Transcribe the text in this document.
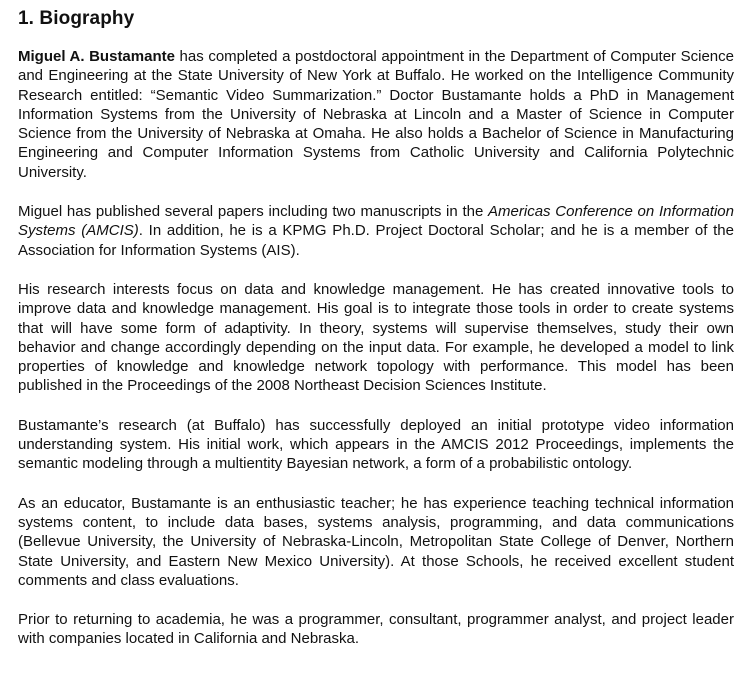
1. Biography

Miguel A. Bustamante has completed a postdoctoral appointment in the Department of Computer Science and Engineering at the State University of New York at Buffalo. He worked on the Intelligence Community Research entitled: “Semantic Video Summarization.” Doctor Bustamante holds a PhD in Management Information Systems from the University of Nebraska at Lincoln and a Master of Science in Computer Science from the University of Nebraska at Omaha. He also holds a Bachelor of Science in Manufacturing Engineering and Computer Information Systems from Catholic University and California Polytechnic University.

Miguel has published several papers including two manuscripts in the Americas Conference on Information Systems (AMCIS). In addition, he is a KPMG Ph.D. Project Doctoral Scholar; and he is a member of the Association for Information Systems (AIS).

His research interests focus on data and knowledge management. He has created innovative tools to improve data and knowledge management. His goal is to integrate those tools in order to create systems that will have some form of adaptivity. In theory, systems will supervise themselves, study their own behavior and change accordingly depending on the input data. For example, he developed a model to link properties of knowledge and knowledge network topology with performance. This model has been published in the Proceedings of the 2008 Northeast Decision Sciences Institute.

Bustamante’s research (at Buffalo) has successfully deployed an initial prototype video information understanding system. His initial work, which appears in the AMCIS 2012 Proceedings, implements the semantic modeling through a multientity Bayesian network, a form of a probabilistic ontology.

As an educator, Bustamante is an enthusiastic teacher; he has experience teaching technical information systems content, to include data bases, systems analysis, programming, and data communications (Bellevue University, the University of Nebraska-Lincoln, Metropolitan State College of Denver, Northern State University, and Eastern New Mexico University). At those Schools, he received excellent student comments and class evaluations.

Prior to returning to academia, he was a programmer, consultant, programmer analyst, and project leader with companies located in California and Nebraska.
